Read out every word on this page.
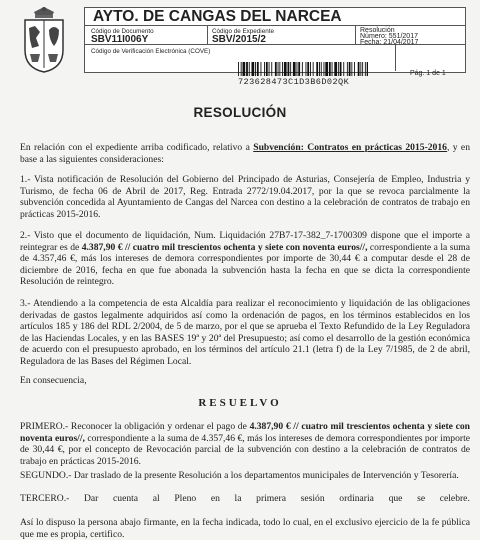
AYTO. DE CANGAS DEL NARCEA
Código de Documento
SBV11I006Y
Código de Expediente
SBV/2015/2
Resolución
Número: 551/2017
Fecha: 21/04/2017
Código de Verificación Electrónica (COVE)
723628473C1D3B6D02QK
Pág. 1 de 1
RESOLUCIÓN
En relación con el expediente arriba codificado, relativo a Subvención: Contratos en prácticas 2015-2016, y en base a las siguientes consideraciones:
1.- Vista notificación de Resolución del Gobierno del Principado de Asturias, Consejería de Empleo, Industria y Turismo, de fecha 06 de Abril de 2017, Reg. Entrada 2772/19.04.2017, por la que se revoca parcialmente la subvención concedida al Ayuntamiento de Cangas del Narcea con destino a la celebración de contratos de trabajo en prácticas 2015-2016.
2.- Visto que el documento de liquidación, Num. Liquidación 27B7-17-382_7-1700309 dispone que el importe a reintegrar es de 4.387,90 € // cuatro mil trescientos ochenta y siete con noventa euros//, correspondiente a la suma de 4.357,46 €, más los intereses de demora correspondientes por importe de 30,44 € a computar desde el 28 de diciembre de 2016, fecha en que fue abonada la subvención hasta la fecha en que se dicta la correspondiente Resolución de reintegro.
3.- Atendiendo a la competencia de esta Alcaldía para realizar el reconocimiento y liquidación de las obligaciones derivadas de gastos legalmente adquiridos así como la ordenación de pagos, en los términos establecidos en los artículos 185 y 186 del RDL 2/2004, de 5 de marzo, por el que se aprueba el Texto Refundido de la Ley Reguladora de las Haciendas Locales, y en las BASES 19ª y 20ª del Presupuesto; así como el desarrollo de la gestión económica de acuerdo con el presupuesto aprobado, en los términos del artículo 21.1 (letra f) de la Ley 7/1985, de 2 de abril, Reguladora de las Bases del Régimen Local.
En consecuencia,
RESUELVO
PRIMERO.- Reconocer la obligación y ordenar el pago de 4.387,90 € // cuatro mil trescientos ochenta y siete con noventa euros//, correspondiente a la suma de 4.357,46 €, más los intereses de demora correspondientes por importe de 30,44 €, por el concepto de Revocación parcial de la subvención con destino a la celebración de contratos de trabajo en prácticas 2015-2016.
SEGUNDO.- Dar traslado de la presente Resolución a los departamentos municipales de Intervención y Tesorería.
TERCERO.- Dar cuenta al Pleno en la primera sesión ordinaria que se celebre.
Así lo dispuso la persona abajo firmante, en la fecha indicada, todo lo cual, en el exclusivo ejercicio de la fe pública que me es propia, certifico.
